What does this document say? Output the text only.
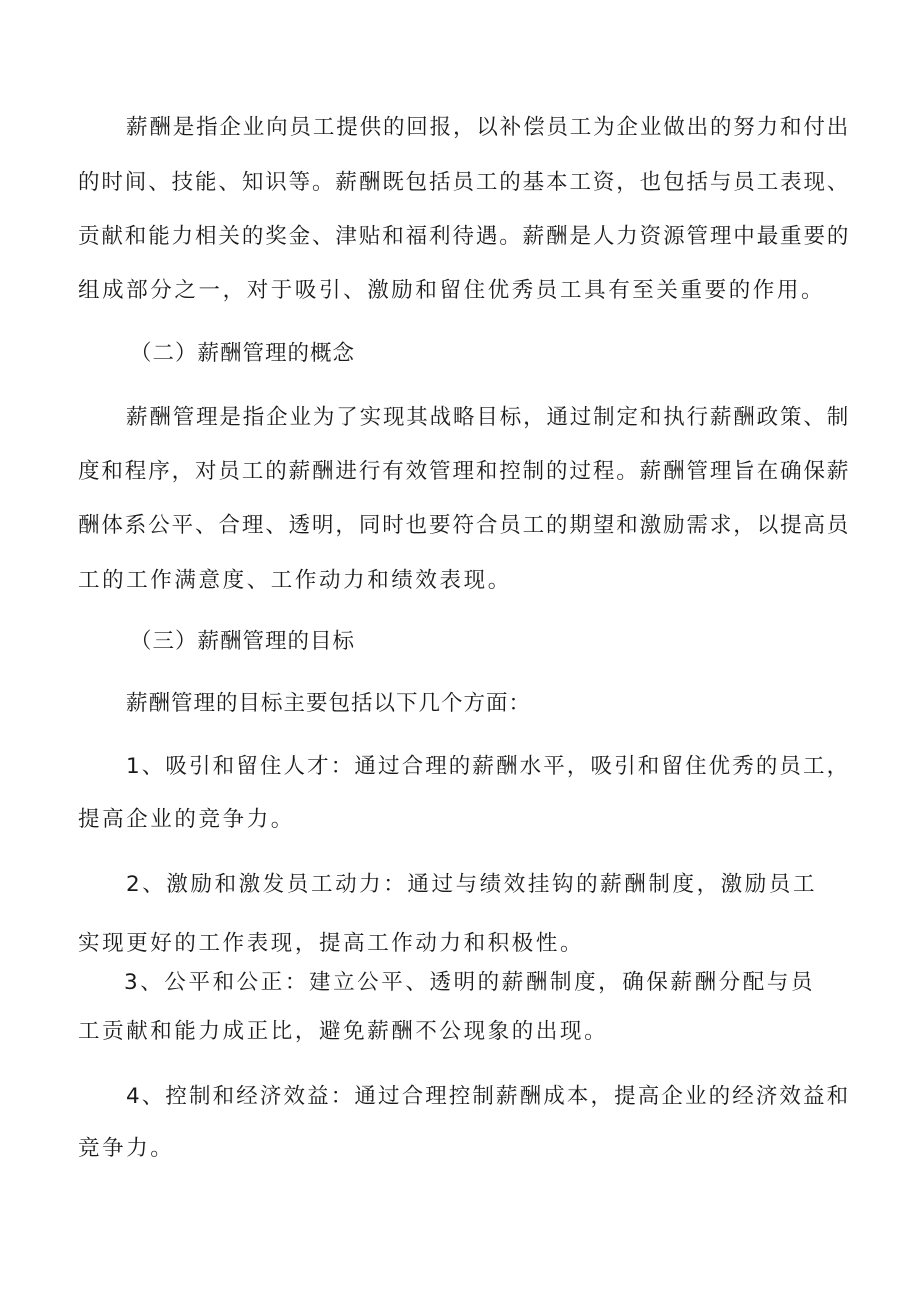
薪酬是指企业向员工提供的回报，以补偿员工为企业做出的努力和付出
的时间、技能、知识等。薪酬既包括员工的基本工资，也包括与员工表现、
贡献和能力相关的奖金、津贴和福利待遇。薪酬是人力资源管理中最重要的
组成部分之一，对于吸引、激励和留住优秀员工具有至关重要的作用。
（二）薪酬管理的概念
薪酬管理是指企业为了实现其战略目标，通过制定和执行薪酬政策、制
度和程序，对员工的薪酬进行有效管理和控制的过程。薪酬管理旨在确保薪
酬体系公平、合理、透明，同时也要符合员工的期望和激励需求，以提高员
工的工作满意度、工作动力和绩效表现。
（三）薪酬管理的目标
薪酬管理的目标主要包括以下几个方面：
1、吸引和留住人才：通过合理的薪酬水平，吸引和留住优秀的员工，
提高企业的竞争力。
2、激励和激发员工动力：通过与绩效挂钩的薪酬制度，激励员工
实现更好的工作表现，提高工作动力和积极性。
3、公平和公正：建立公平、透明的薪酬制度，确保薪酬分配与员
工贡献和能力成正比，避免薪酬不公现象的出现。
4、控制和经济效益：通过合理控制薪酬成本，提高企业的经济效益和
竞争力。
